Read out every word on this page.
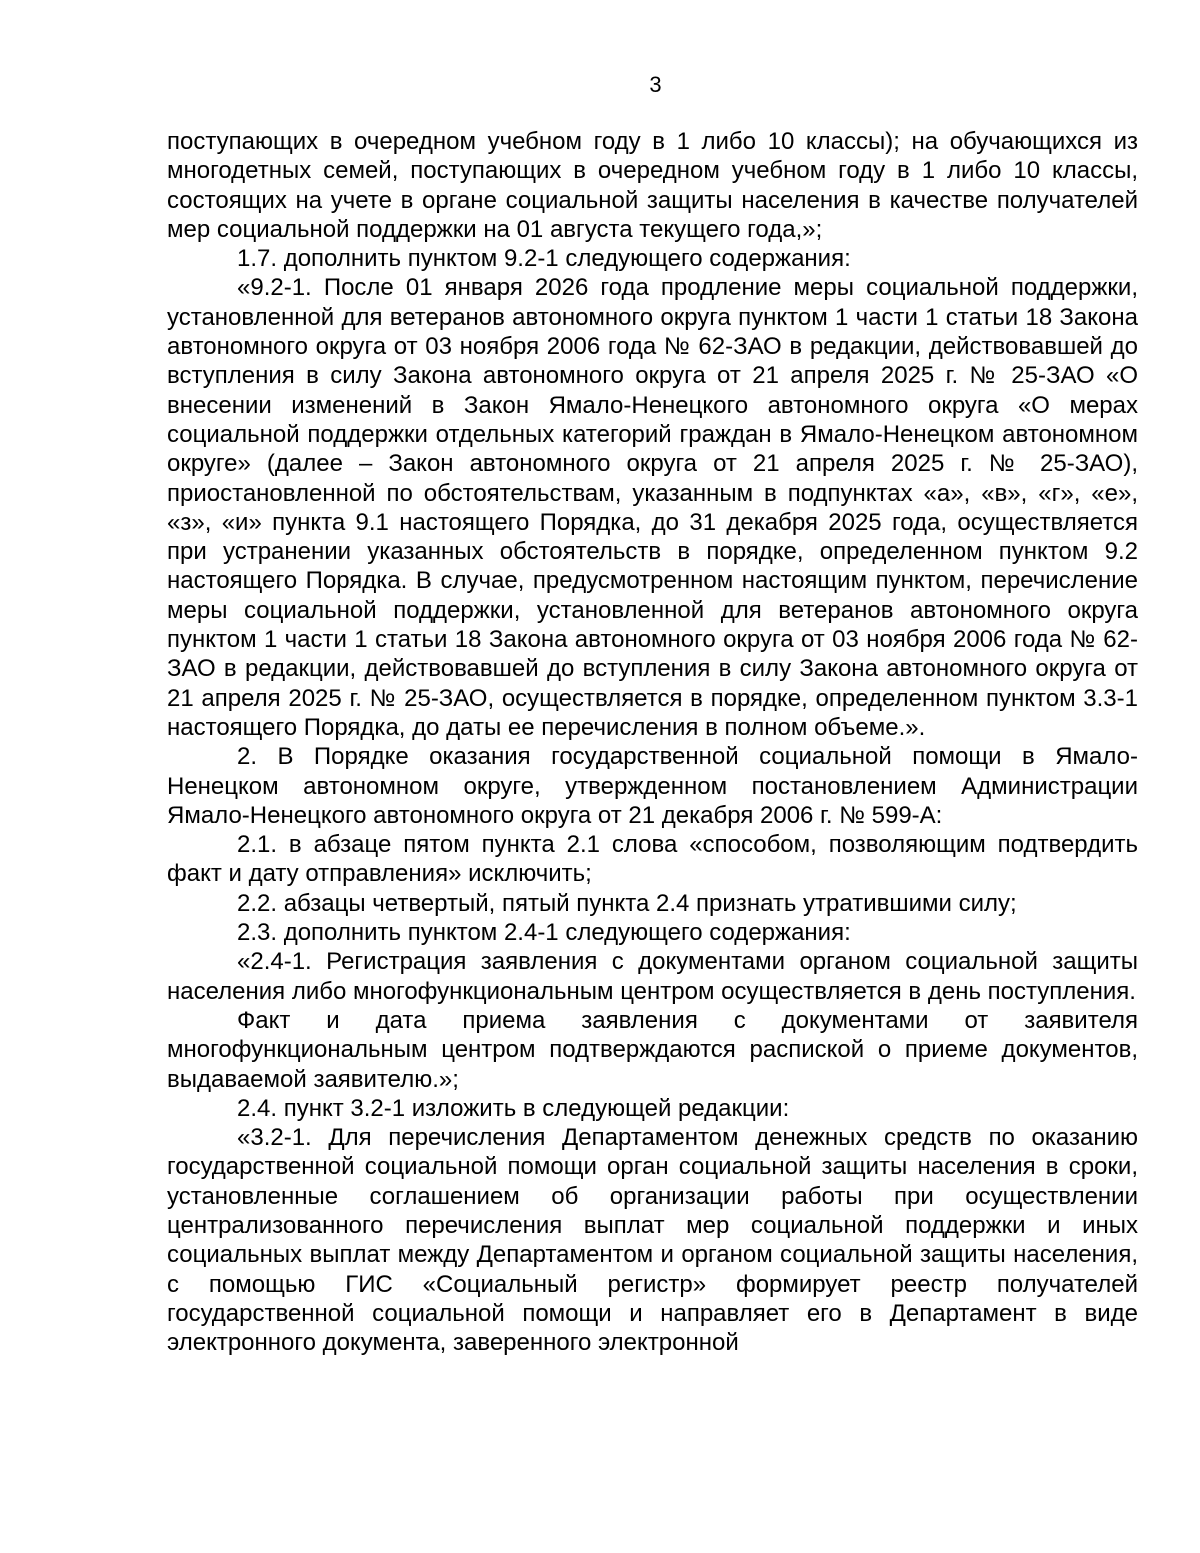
3

поступающих в очередном учебном году в 1 либо 10 классы); на обучающихся из многодетных семей, поступающих в очередном учебном году в 1 либо 10 классы, состоящих на учете в органе социальной защиты населения в качестве получателей мер социальной поддержки на 01 августа текущего года,»;

1.7. дополнить пунктом 9.2-1 следующего содержания:

«9.2-1. После 01 января 2026 года продление меры социальной поддержки, установленной для ветеранов автономного округа пунктом 1 части 1 статьи 18 Закона автономного округа от 03 ноября 2006 года № 62-ЗАО в редакции, действовавшей до вступления в силу Закона автономного округа от 21 апреля 2025 г. № 25-ЗАО «О внесении изменений в Закон Ямало-Ненецкого автономного округа «О мерах социальной поддержки отдельных категорий граждан в Ямало-Ненецком автономном округе» (далее – Закон автономного округа от 21 апреля 2025 г. № 25-ЗАО), приостановленной по обстоятельствам, указанным в подпунктах «а», «в», «г», «е», «з», «и» пункта 9.1 настоящего Порядка, до 31 декабря 2025 года, осуществляется при устранении указанных обстоятельств в порядке, определенном пунктом 9.2 настоящего Порядка. В случае, предусмотренном настоящим пунктом, перечисление меры социальной поддержки, установленной для ветеранов автономного округа пунктом 1 части 1 статьи 18 Закона автономного округа от 03 ноября 2006 года № 62-ЗАО в редакции, действовавшей до вступления в силу Закона автономного округа от 21 апреля 2025 г. № 25-ЗАО, осуществляется в порядке, определенном пунктом 3.3-1 настоящего Порядка, до даты ее перечисления в полном объеме.».

2. В Порядке оказания государственной социальной помощи в Ямало-Ненецком автономном округе, утвержденном постановлением Администрации Ямало-Ненецкого автономного округа от 21 декабря 2006 г. № 599-А:

2.1. в абзаце пятом пункта 2.1 слова «способом, позволяющим подтвердить факт и дату отправления» исключить;

2.2. абзацы четвертый, пятый пункта 2.4 признать утратившими силу;

2.3. дополнить пунктом 2.4-1 следующего содержания:

«2.4-1. Регистрация заявления с документами органом социальной защиты населения либо многофункциональным центром осуществляется в день поступления.

Факт и дата приема заявления с документами от заявителя многофункциональным центром подтверждаются распиской о приеме документов, выдаваемой заявителю.»;

2.4. пункт 3.2-1 изложить в следующей редакции:

«3.2-1. Для перечисления Департаментом денежных средств по оказанию государственной социальной помощи орган социальной защиты населения в сроки, установленные соглашением об организации работы при осуществлении централизованного перечисления выплат мер социальной поддержки и иных социальных выплат между Департаментом и органом социальной защиты населения, с помощью ГИС «Социальный регистр» формирует реестр получателей государственной социальной помощи и направляет его в Департамент в виде электронного документа, заверенного электронной
